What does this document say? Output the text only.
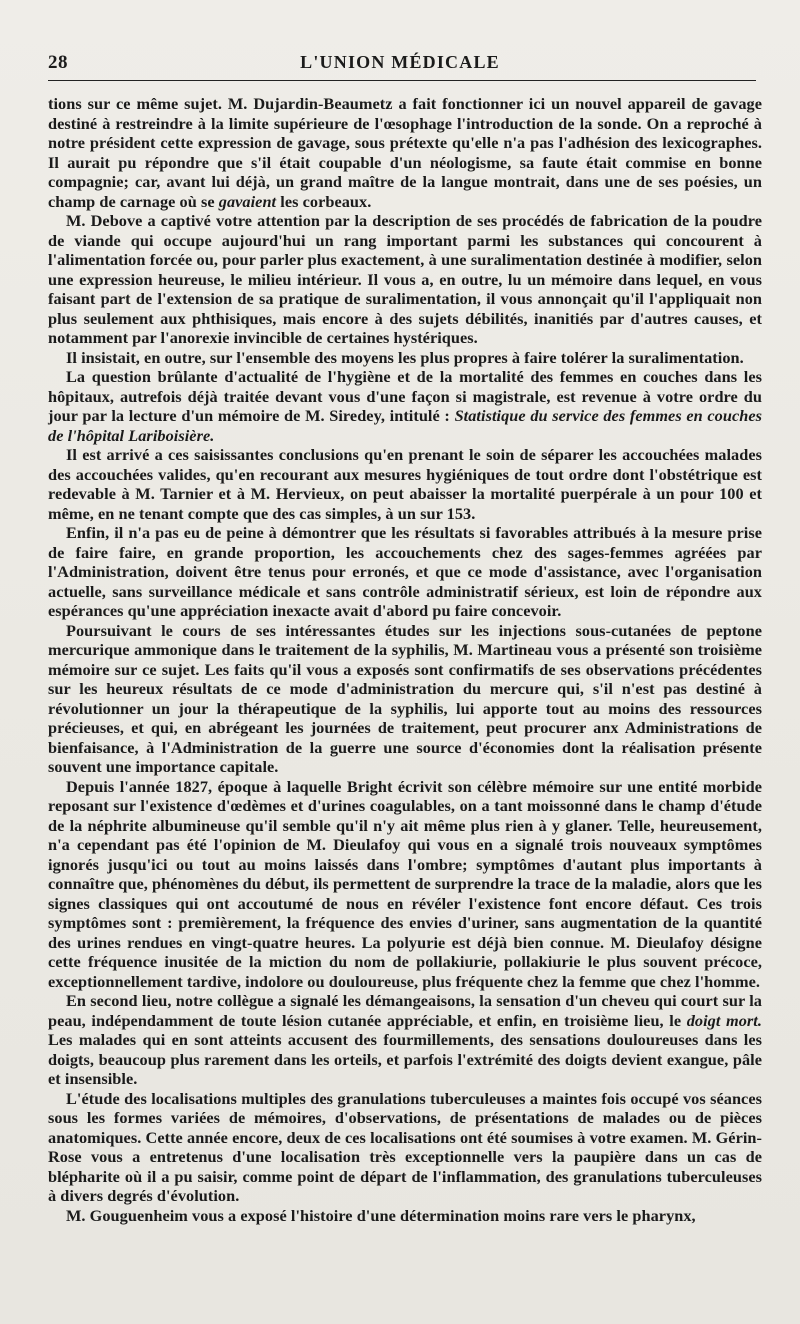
28	L'UNION MÉDICALE

tions sur ce même sujet. M. Dujardin-Beaumetz a fait fonctionner ici un nouvel appareil de gavage destiné à restreindre à la limite supérieure de l'œsophage l'introduction de la sonde. On a reproché à notre président cette expression de gavage, sous prétexte qu'elle n'a pas l'adhésion des lexicographes. Il aurait pu répondre que s'il était coupable d'un néologisme, sa faute était commise en bonne compagnie; car, avant lui déjà, un grand maître de la langue montrait, dans une de ses poésies, un champ de carnage où se gavaient les corbeaux.

M. Debove a captivé votre attention par la description de ses procédés de fabrication de la poudre de viande qui occupe aujourd'hui un rang important parmi les substances qui concourent à l'alimentation forcée ou, pour parler plus exactement, à une suralimentation destinée à modifier, selon une expression heureuse, le milieu intérieur. Il vous a, en outre, lu un mémoire dans lequel, en vous faisant part de l'extension de sa pratique de suralimentation, il vous annonçait qu'il l'appliquait non plus seulement aux phthisiques, mais encore à des sujets débilités, inanitiés par d'autres causes, et notamment par l'anorexie invincible de certaines hystériques.

Il insistait, en outre, sur l'ensemble des moyens les plus propres à faire tolérer la suralimentation.

La question brûlante d'actualité de l'hygiène et de la mortalité des femmes en couches dans les hôpitaux, autrefois déjà traitée devant vous d'une façon si magistrale, est revenue à votre ordre du jour par la lecture d'un mémoire de M. Siredey, intitulé : Statistique du service des femmes en couches de l'hôpital Lariboisière.

Il est arrivé a ces saisissantes conclusions qu'en prenant le soin de séparer les accouchées malades des accouchées valides, qu'en recourant aux mesures hygiéniques de tout ordre dont l'obstétrique est redevable à M. Tarnier et à M. Hervieux, on peut abaisser la mortalité puerpérale à un pour 100 et même, en ne tenant compte que des cas simples, à un sur 153.

Enfin, il n'a pas eu de peine à démontrer que les résultats si favorables attribués à la mesure prise de faire faire, en grande proportion, les accouchements chez des sages-femmes agréées par l'Administration, doivent être tenus pour erronés, et que ce mode d'assistance, avec l'organisation actuelle, sans surveillance médicale et sans contrôle administratif sérieux, est loin de répondre aux espérances qu'une appréciation inexacte avait d'abord pu faire concevoir.

Poursuivant le cours de ses intéressantes études sur les injections sous-cutanées de peptone mercurique ammonique dans le traitement de la syphilis, M. Martineau vous a présenté son troisième mémoire sur ce sujet. Les faits qu'il vous a exposés sont confirmatifs de ses observations précédentes sur les heureux résultats de ce mode d'administration du mercure qui, s'il n'est pas destiné à révolutionner un jour la thérapeutique de la syphilis, lui apporte tout au moins des ressources précieuses, et qui, en abrégeant les journées de traitement, peut procurer anx Administrations de bienfaisance, à l'Administration de la guerre une source d'économies dont la réalisation présente souvent une importance capitale.

Depuis l'année 1827, époque à laquelle Bright écrivit son célèbre mémoire sur une entité morbide reposant sur l'existence d'œdèmes et d'urines coagulables, on a tant moissonné dans le champ d'étude de la néphrite albumineuse qu'il semble qu'il n'y ait même plus rien à y glaner. Telle, heureusement, n'a cependant pas été l'opinion de M. Dieulafoy qui vous en a signalé trois nouveaux symptômes ignorés jusqu'ici ou tout au moins laissés dans l'ombre; symptômes d'autant plus importants à connaître que, phénomènes du début, ils permettent de surprendre la trace de la maladie, alors que les signes classiques qui ont accoutumé de nous en révéler l'existence font encore défaut. Ces trois symptômes sont : premièrement, la fréquence des envies d'uriner, sans augmentation de la quantité des urines rendues en vingt-quatre heures. La polyurie est déjà bien connue. M. Dieulafoy désigne cette fréquence inusitée de la miction du nom de pollakiurie, pollakiurie le plus souvent précoce, exceptionnellement tardive, indolore ou douloureuse, plus fréquente chez la femme que chez l'homme.

En second lieu, notre collègue a signalé les démangeaisons, la sensation d'un cheveu qui court sur la peau, indépendamment de toute lésion cutanée appréciable, et enfin, en troisième lieu, le doigt mort. Les malades qui en sont atteints accusent des fourmillements, des sensations douloureuses dans les doigts, beaucoup plus rarement dans les orteils, et parfois l'extrémité des doigts devient exangue, pâle et insensible.

L'étude des localisations multiples des granulations tuberculeuses a maintes fois occupé vos séances sous les formes variées de mémoires, d'observations, de présentations de malades ou de pièces anatomiques. Cette année encore, deux de ces localisations ont été soumises à votre examen. M. Gérin-Rose vous a entretenus d'une localisation très exceptionnelle vers la paupière dans un cas de blépharite où il a pu saisir, comme point de départ de l'inflammation, des granulations tuberculeuses à divers degrés d'évolution.

M. Gouguenheim vous a exposé l'histoire d'une détermination moins rare vers le pharynx,
